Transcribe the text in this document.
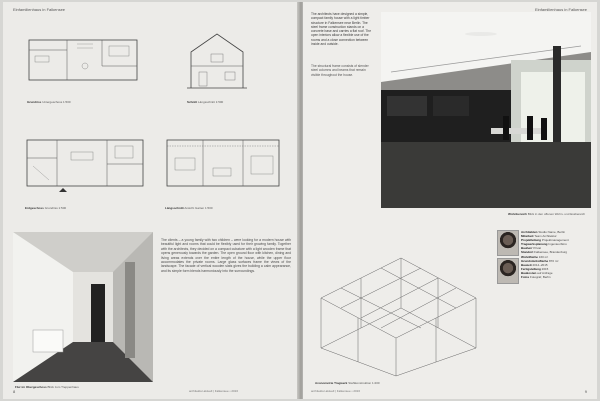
Einfamilienhaus in Falkensee
Grundriss Untergeschoss 1:500	Schnitt Längsschnitt 1:500
Erdgeschoss Grundriss 1:500	Längsschnitt Ansicht Garten 1:500
Flur im Obergeschoss Blick zum Treppenhaus
The clients – a young family with two children – were looking for a modern house with beautiful light and rooms that could be flexibly used for their growing family. Together with the architects, they decided on a compact cubature with a light wooden frame that opens generously towards the garden. The open ground floor with kitchen, dining and living areas extends over the entire length of the house, while the upper floor accommodates the private rooms. Large glass surfaces frame the views of the landscape. The facade of vertical wooden slats gives the building a calm appearance, and its simple form blends harmoniously into the surroundings.
8	architektur.aktuell | Falkensee • 2016
Einfamilienhaus in Falkensee
The architects have designed a simple, compact family house with a light timber structure in Falkensee near Berlin. The steel frame construction stands on a concrete base and carries a flat roof. The open interiors allow a flexible use of the rooms and a close connection between inside and outside.
The structural frame consists of slender steel columns and beams that remain visible throughout the house.
Wohnbereich Blick in den offenen Wohn- und Essbereich
Axonometrie Tragwerk Stahlkonstruktion 1:200
Architekten Studio Name, Berlin
Mitarbeit Team Architektur
Projektleitung Projektmanagement
Tragwerksplanung Ingenieurbüro
Bauherr Privat
Standort Falkensee, Brandenburg
Wohnfläche 160 m²
Grundstücksfläche 870 m²
Bauzeit 2014–2015
Fertigstellung 2015
Baukosten auf Anfrage
Fotos Fotograf, Berlin
architektur.aktuell | Falkensee • 2016	9
